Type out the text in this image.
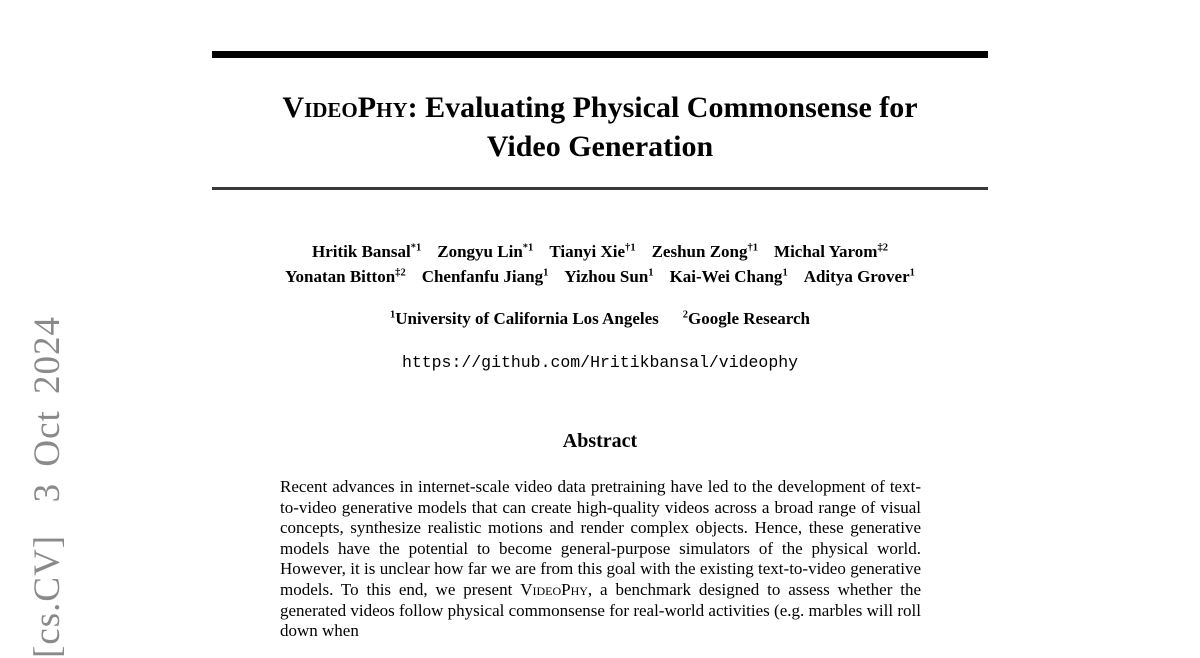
[cs.CV]  3 Oct 2024
VideoPhy: Evaluating Physical Commonsense for
Video Generation
Hritik Bansal$^{*1}$ Zongyu Lin$^{*1}$ Tianyi Xie$^{\dagger 1}$ Zeshun Zong$^{\dagger 1}$ Michal Yarom$^{\ddagger 2}$
Yonatan Bitton$^{\ddagger 2}$ Chenfanfu Jiang$^1$ Yizhou Sun$^1$ Kai-Wei Chang$^1$ Aditya Grover$^1$
$^1$University of California Los Angeles $^2$Google Research
https://github.com/Hritikbansal/videophy
Abstract
Recent advances in internet-scale video data pretraining have led to the development of text-to-video generative models that can create high-quality videos across a broad range of visual concepts, synthesize realistic motions and render complex objects. Hence, these generative models have the potential to become general-purpose simulators of the physical world. However, it is unclear how far we are from this goal with the existing text-to-video generative models. To this end, we present VideoPhy, a benchmark designed to assess whether the generated videos follow physical commonsense for real-world activities (e.g. marbles will roll down when
